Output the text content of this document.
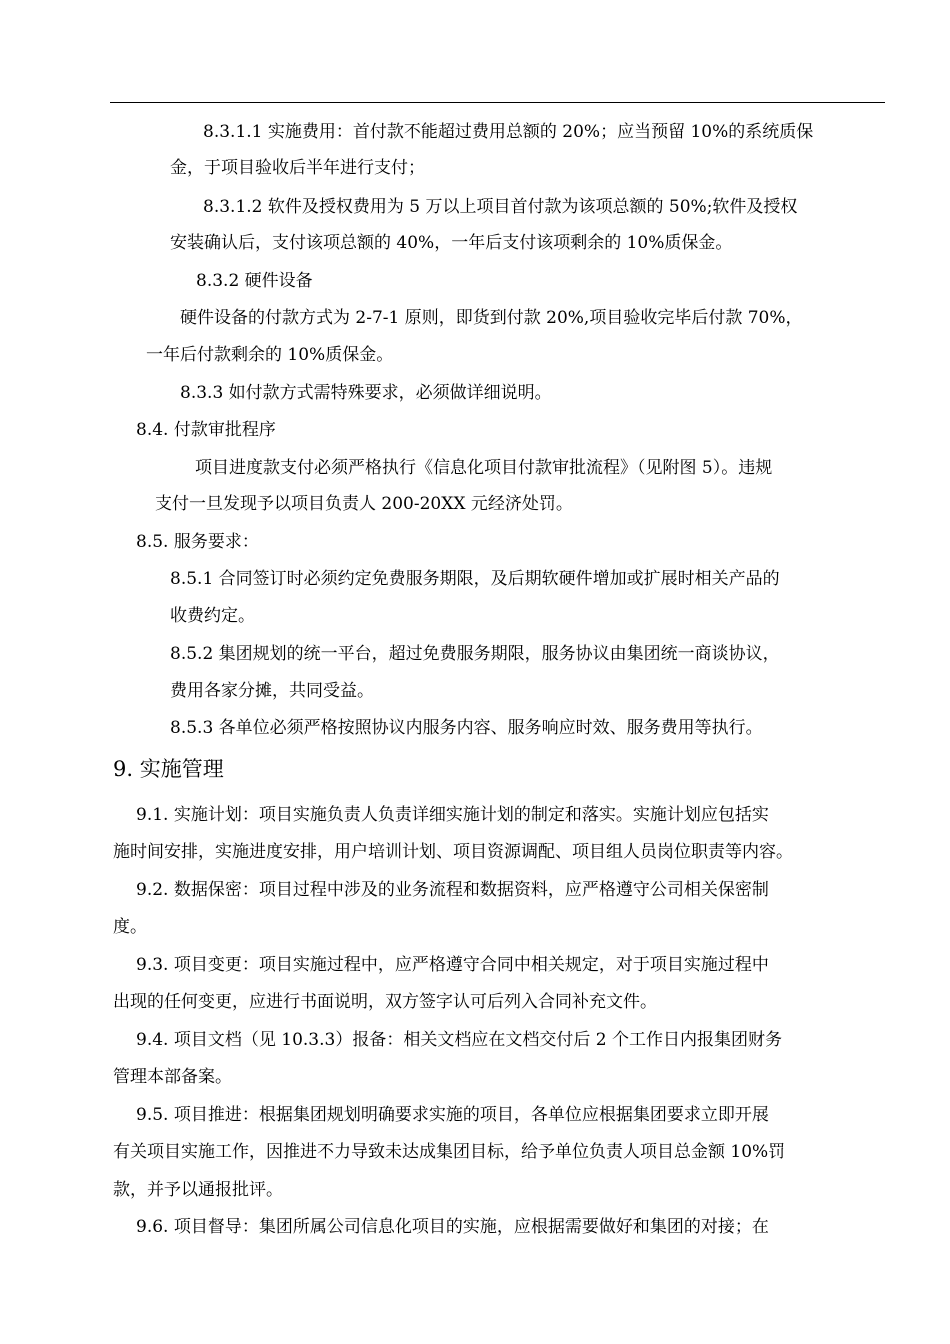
8.3.1.1 实施费用：首付款不能超过费用总额的 20%；应当预留 10%的系统质保
金，于项目验收后半年进行支付；
8.3.1.2 软件及授权费用为 5 万以上项目首付款为该项总额的 50%;软件及授权
安装确认后，支付该项总额的 40%，一年后支付该项剩余的 10%质保金。
8.3.2 硬件设备
硬件设备的付款方式为 2-7-1 原则，即货到付款 20%,项目验收完毕后付款 70%，
一年后付款剩余的 10%质保金。
8.3.3 如付款方式需特殊要求，必须做详细说明。
8.4. 付款审批程序
项目进度款支付必须严格执行《信息化项目付款审批流程》（见附图 5）。违规
支付一旦发现予以项目负责人 200-20XX 元经济处罚。
8.5. 服务要求：
8.5.1 合同签订时必须约定免费服务期限，及后期软硬件增加或扩展时相关产品的
收费约定。
8.5.2 集团规划的统一平台，超过免费服务期限，服务协议由集团统一商谈协议，
费用各家分摊，共同受益。
8.5.3 各单位必须严格按照协议内服务内容、服务响应时效、服务费用等执行。
9. 实施管理
9.1. 实施计划：项目实施负责人负责详细实施计划的制定和落实。实施计划应包括实
施时间安排，实施进度安排，用户培训计划、项目资源调配、项目组人员岗位职责等内容。
9.2. 数据保密：项目过程中涉及的业务流程和数据资料，应严格遵守公司相关保密制
度。
9.3. 项目变更：项目实施过程中，应严格遵守合同中相关规定，对于项目实施过程中
出现的任何变更，应进行书面说明，双方签字认可后列入合同补充文件。
9.4. 项目文档（见 10.3.3）报备：相关文档应在文档交付后 2 个工作日内报集团财务
管理本部备案。
9.5. 项目推进：根据集团规划明确要求实施的项目，各单位应根据集团要求立即开展
有关项目实施工作，因推进不力导致未达成集团目标，给予单位负责人项目总金额 10%罚
款，并予以通报批评。
9.6. 项目督导：集团所属公司信息化项目的实施，应根据需要做好和集团的对接；在
